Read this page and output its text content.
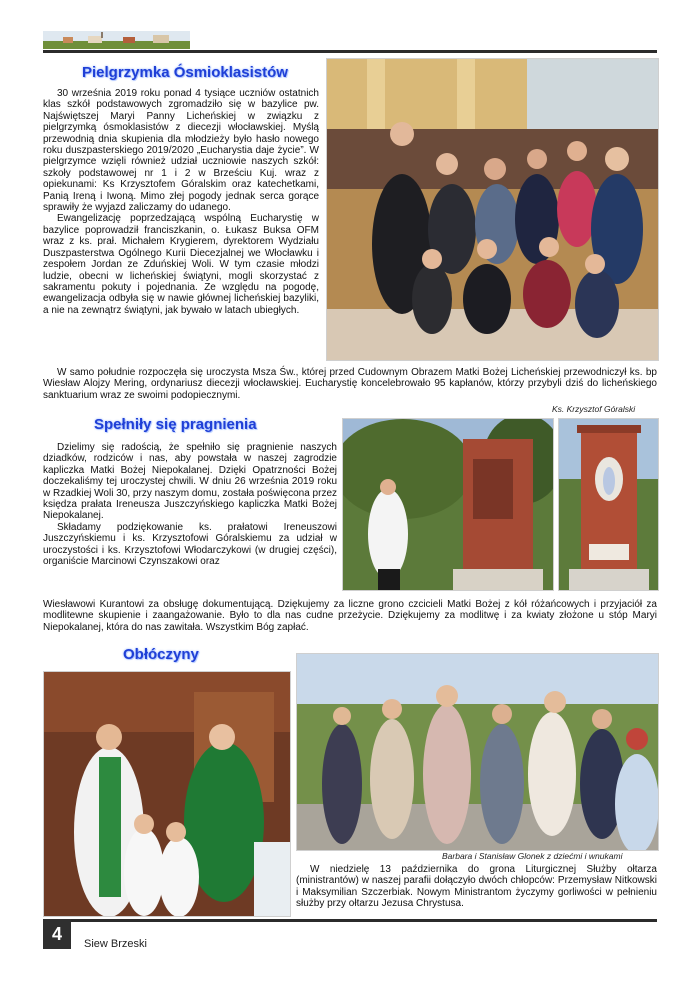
Pielgrzymka Ósmioklasistów

30 września 2019 roku ponad 4 tysiące uczniów ostatnich klas szkół podstawowych zgromadziło się w bazylice pw. Najświętszej Maryi Panny Licheńskiej w związku z pielgrzymką ósmoklasistów z diecezji włocławskiej. Myślą przewodnią dnia skupienia dla młodzieży było hasło nowego roku duszpasterskiego 2019/2020 „Eucharystia daje życie”. W pielgrzymce wzięli również udział uczniowie naszych szkół: szkoły podstawowej nr 1 i 2 w Brześciu Kuj. wraz z opiekunami: Ks Krzysztofem Góralskim oraz katechetkami, Panią Ireną i Iwoną. Mimo złej pogody jednak serca gorące sprawiły że wyjazd zaliczamy do udanego.

Ewangelizację poprzedzającą wspólną Eucharystię w bazylice poprowadził franciszkanin, o. Łukasz Buksa OFM wraz z ks. prał. Michałem Krygierem, dyrektorem Wydziału Duszpasterstwa Ogólnego Kurii Diecezjalnej we Włocławku i zespołem Jordan ze Zduńskiej Woli. W tym czasie młodzi ludzie, obecni w licheńskiej świątyni, mogli skorzystać z sakramentu pokuty i pojednania. Ze względu na pogodę, ewangelizacja odbyła się w nawie głównej licheńskiej bazyliki, a nie na zewnątrz świątyni, jak bywało w latach ubiegłych.

W samo południe rozpoczęła się uroczysta Msza Św., której przed Cudownym Obrazem Matki Bożej Licheńskiej przewodniczył ks. bp Wiesław Alojzy Mering, ordynariusz diecezji włocławskiej. Eucharystię koncelebrowało 95 kapłanów, którzy przybyli dziś do licheńskiego sanktuarium wraz ze swoimi podopiecznymi.

Ks. Krzysztof Góralski
Spełniły się pragnienia

Dzielimy się radością, że spełniło się pragnienie naszych dziadków, rodziców i nas, aby powstała w naszej zagrodzie kapliczka Matki Bożej Niepokalanej. Dzięki Opatrzności Bożej doczekaliśmy tej uroczystej chwili. W dniu 26 września 2019 roku w Rzadkiej Woli 30, przy naszym domu, została poświęcona przez księdza prałata Ireneusza Juszczyńskiego kapliczka Matki Bożej Niepokalanej.

Składamy podziękowanie ks. prałatowi Ireneuszowi Juszczyńskiemu i ks. Krzysztofowi Góralskiemu za udział w uroczystości i ks. Krzysztofowi Włodarczykowi (w drugiej części), organiście Marcinowi Czynszakowi oraz

Wiesławowi Kurantowi za obsługę dokumentującą. Dziękujemy za liczne grono czcicieli Matki Bożej z kół różańcowych i przyjaciół za modlitewne skupienie i zaangażowanie. Było to dla nas cudne przeżycie. Dziękujemy za modlitwę i za kwiaty złożone u stóp Maryi Niepokalanej, która do nas zawitała. Wszystkim Bóg zapłać.

Obłóczyny
Barbara i Stanisław Glonek z dziećmi i wnukami

W niedzielę 13 października do grona Liturgicznej Służby ołtarza (ministrantów) w naszej parafii dołączyło dwóch chłopców: Przemysław Nitkowski i Maksymilian Szczerbiak. Nowym Ministrantom życzymy gorliwości w pełnieniu służby przy ołtarzu Jezusa Chrystusa.

4
Siew Brzeski
